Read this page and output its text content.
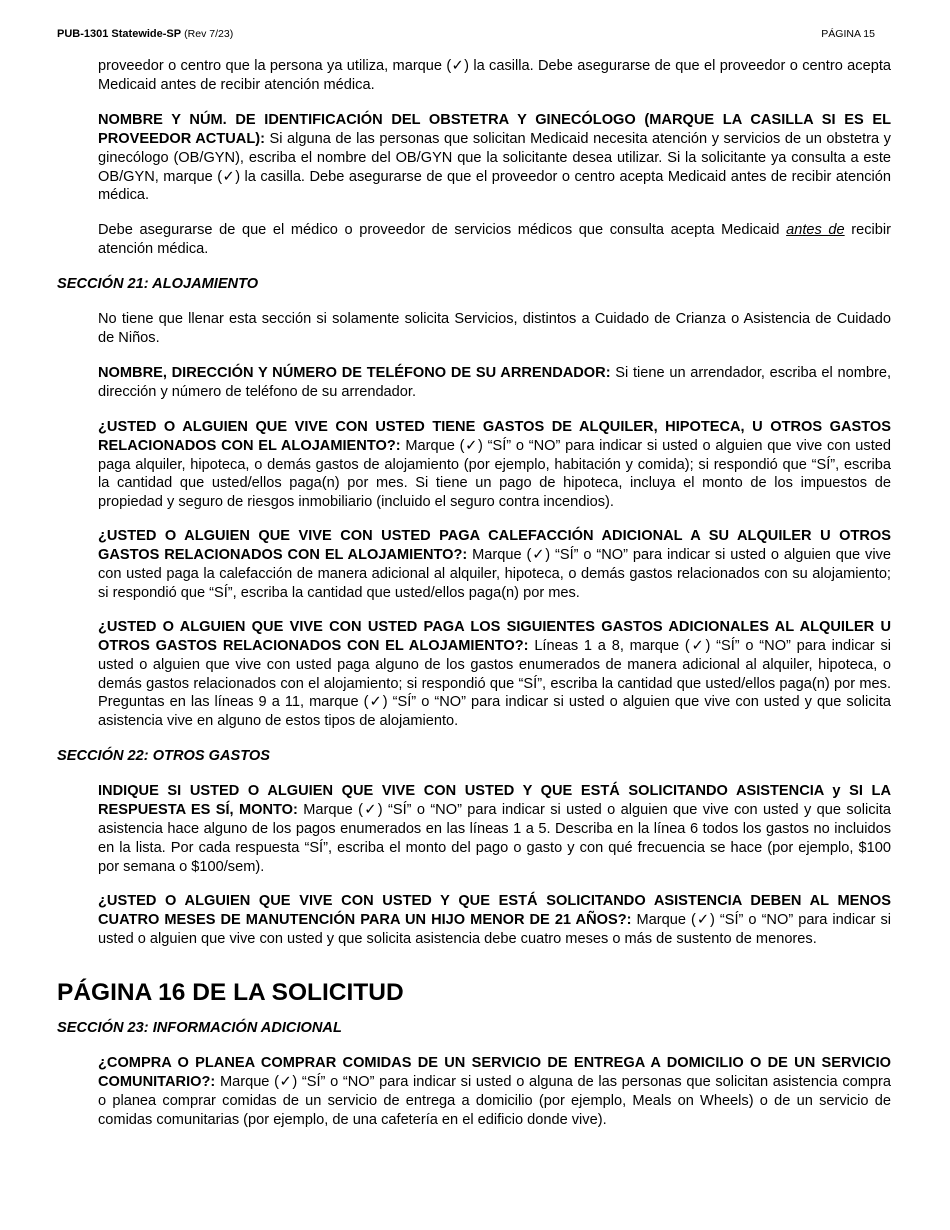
PUB-1301 Statewide-SP (Rev 7/23)	PÁGINA 15

proveedor o centro que la persona ya utiliza, marque (✓) la casilla. Debe asegurarse de que el proveedor o centro acepta Medicaid antes de recibir atención médica.

NOMBRE Y NÚM. DE IDENTIFICACIÓN DEL OBSTETRA Y GINECÓLOGO (MARQUE LA CASILLA SI ES EL PROVEEDOR ACTUAL): Si alguna de las personas que solicitan Medicaid necesita atención y servicios de un obstetra y ginecólogo (OB/GYN), escriba el nombre del OB/GYN que la solicitante desea utilizar. Si la solicitante ya consulta a este OB/GYN, marque (✓) la casilla. Debe asegurarse de que el proveedor o centro acepta Medicaid antes de recibir atención médica.

Debe asegurarse de que el médico o proveedor de servicios médicos que consulta acepta Medicaid antes de recibir atención médica.

SECCIÓN 21: ALOJAMIENTO

No tiene que llenar esta sección si solamente solicita Servicios, distintos a Cuidado de Crianza o Asistencia de Cuidado de Niños.

NOMBRE, DIRECCIÓN Y NÚMERO DE TELÉFONO DE SU ARRENDADOR: Si tiene un arrendador, escriba el nombre, dirección y número de teléfono de su arrendador.

¿USTED O ALGUIEN QUE VIVE CON USTED TIENE GASTOS DE ALQUILER, HIPOTECA, U OTROS GASTOS RELACIONADOS CON EL ALOJAMIENTO?: Marque (✓) “SÍ” o “NO” para indicar si usted o alguien que vive con usted paga alquiler, hipoteca, o demás gastos de alojamiento (por ejemplo, habitación y comida); si respondió que “SÍ”, escriba la cantidad que usted/ellos paga(n) por mes. Si tiene un pago de hipoteca, incluya el monto de los impuestos de propiedad y seguro de riesgos inmobiliario (incluido el seguro contra incendios).

¿USTED O ALGUIEN QUE VIVE CON USTED PAGA CALEFACCIÓN ADICIONAL A SU ALQUILER U OTROS GASTOS RELACIONADOS CON EL ALOJAMIENTO?: Marque (✓) “SÍ” o “NO” para indicar si usted o alguien que vive con usted paga la calefacción de manera adicional al alquiler, hipoteca, o demás gastos relacionados con su alojamiento; si respondió que “SÍ”, escriba la cantidad que usted/ellos paga(n) por mes.

¿USTED O ALGUIEN QUE VIVE CON USTED PAGA LOS SIGUIENTES GASTOS ADICIONALES AL ALQUILER U OTROS GASTOS RELACIONADOS CON EL ALOJAMIENTO?: Líneas 1 a 8, marque (✓) “SÍ” o “NO” para indicar si usted o alguien que vive con usted paga alguno de los gastos enumerados de manera adicional al alquiler, hipoteca, o demás gastos relacionados con el alojamiento; si respondió que “SÍ”, escriba la cantidad que usted/ellos paga(n) por mes. Preguntas en las líneas 9 a 11, marque (✓) “SÍ” o “NO” para indicar si usted o alguien que vive con usted y que solicita asistencia vive en alguno de estos tipos de alojamiento.

SECCIÓN 22: OTROS GASTOS

INDIQUE SI USTED O ALGUIEN QUE VIVE CON USTED Y QUE ESTÁ SOLICITANDO ASISTENCIA y SI LA RESPUESTA ES SÍ, MONTO: Marque (✓) “SÍ” o “NO” para indicar si usted o alguien que vive con usted y que solicita asistencia hace alguno de los pagos enumerados en las líneas 1 a 5. Describa en la línea 6 todos los gastos no incluidos en la lista. Por cada respuesta “SÍ”, escriba el monto del pago o gasto y con qué frecuencia se hace (por ejemplo, $100 por semana o $100/sem).

¿USTED O ALGUIEN QUE VIVE CON USTED Y QUE ESTÁ SOLICITANDO ASISTENCIA DEBEN AL MENOS CUATRO MESES DE MANUTENCIÓN PARA UN HIJO MENOR DE 21 AÑOS?: Marque (✓) “SÍ” o “NO” para indicar si usted o alguien que vive con usted y que solicita asistencia debe cuatro meses o más de sustento de menores.

PÁGINA 16 DE LA SOLICITUD

SECCIÓN 23: INFORMACIÓN ADICIONAL

¿COMPRA O PLANEA COMPRAR COMIDAS DE UN SERVICIO DE ENTREGA A DOMICILIO O DE UN SERVICIO COMUNITARIO?: Marque (✓) “SÍ” o “NO” para indicar si usted o alguna de las personas que solicitan asistencia compra o planea comprar comidas de un servicio de entrega a domicilio (por ejemplo, Meals on Wheels) o de un servicio de comidas comunitarias (por ejemplo, de una cafetería en el edificio donde vive).
